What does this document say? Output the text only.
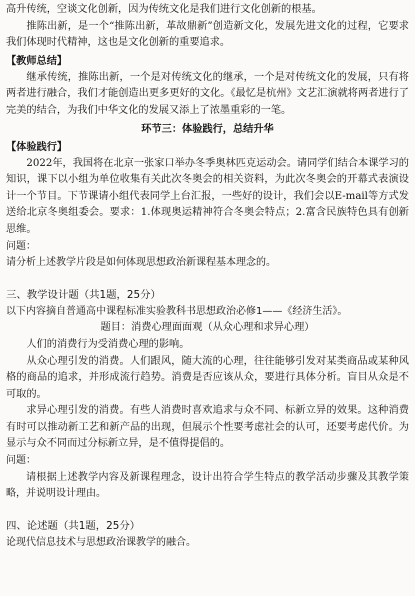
高升传统，空谈文化创新，因为传统文化是我们进行文化创新的根基。

推陈出新，是一个“推陈出新，革故鼎新”创造新文化，发展先进文化的过程，它要求我们体现时代精神，这也是文化创新的重要追求。

【教师总结】

继承传统，推陈出新，一个是对传统文化的继承，一个是对传统文化的发展，只有将两者进行融合，我们才能创造出更多更好的文化。《最忆是杭州》文艺汇演就将两者进行了完美的结合，为我们中华文化的发展又添上了浓墨重彩的一笔。

环节三：体验践行，总结升华

【体验践行】

2022年，我国将在北京一张家口举办冬季奥林匹克运动会。请同学们结合本课学习的知识，课下以小组为单位收集有关此次冬奥会的相关资料，为此次冬奥会的开幕式表演设计一个节目。下节课请小组代表同学上台汇报，一些好的设计，我们会以E-mail等方式发送给北京冬奥组委会。要求：1.体现奥运精神符合冬奥会特点；2.富含民族特色具有创新思维。

问题：

请分析上述教学片段是如何体现思想政治新课程基本理念的。

三、教学设计题（共1题，25分）

以下内容摘自普通高中课程标准实验教科书思想政治必修1——《经济生活》。

题目：消费心理面面观（从众心理和求异心理）

人们的消费行为受消费心理的影响。

从众心理引发的消费。人们跟风，随大流的心理，往往能够引发对某类商品或某种风格的商品的追求，并形成流行趋势。消费是否应该从众，要进行具体分析。盲目从众是不可取的。

求异心理引发的消费。有些人消费时喜欢追求与众不同、标新立异的效果。这种消费有时可以推动新工艺和新产品的出现，但展示个性要考虑社会的认可，还要考虑代价。为显示与众不同而过分标新立异，是不值得提倡的。

问题：

请根据上述教学内容及新课程理念，设计出符合学生特点的教学活动步骤及其教学策略，并说明设计理由。

四、论述题（共1题，25分）

论现代信息技术与思想政治课教学的融合。
